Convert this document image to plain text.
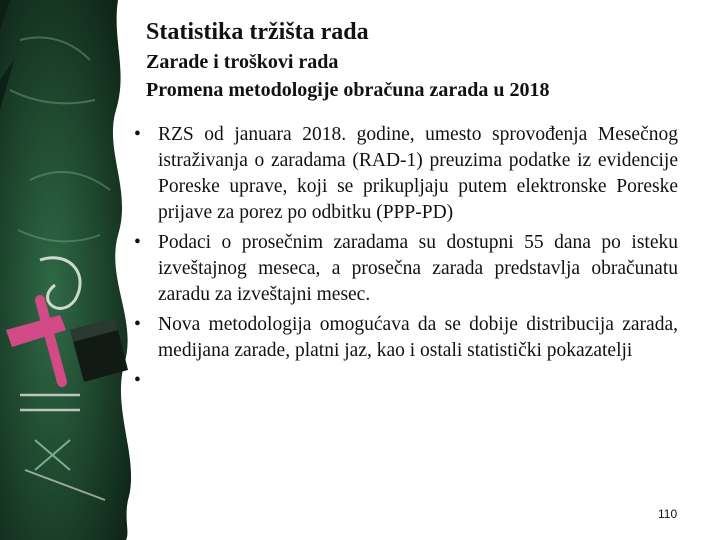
Statistika tržišta rada
Zarade i troškovi rada
Promena metodologije obračuna zarada u 2018
• RZS od januara 2018. godine, umesto sprovođenja Mesečnog istraživanja o zaradama (RAD-1) preuzima podatke iz evidencije Poreske uprave, koji se prikupljaju putem elektronske Poreske prijave za porez po odbitku (PPP-PD)
• Podaci o prosečnim zaradama su dostupni 55 dana po isteku izveštajnog meseca, a prosečna zarada predstavlja obračunatu zaradu za izveštajni mesec.
• Nova metodologija omogućava da se dobije distribucija zarada, medijana zarade, platni jaz, kao i ostali statistički pokazatelji
•
110
